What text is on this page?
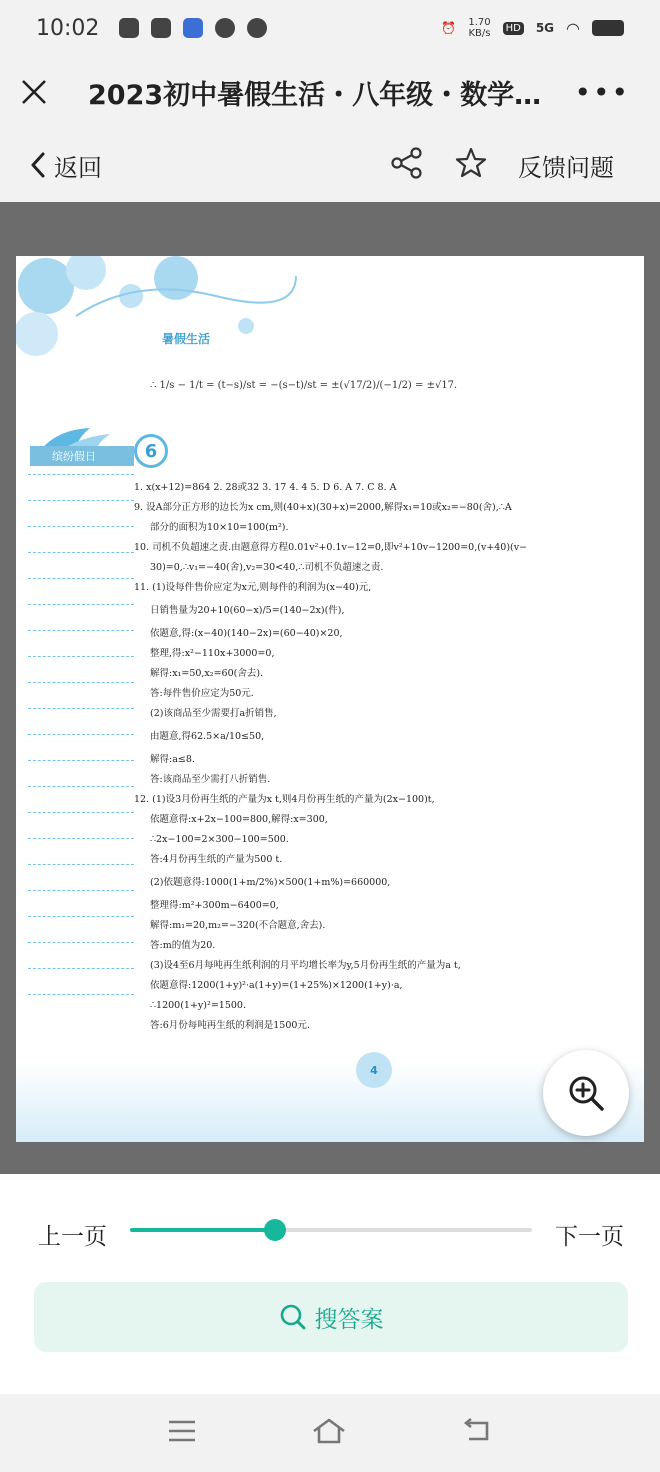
10:02	⏰ 1.70
KB/s	HD 5G ◠
2023初中暑假生活・八年级・数学…	•••
返回	反馈问题
暑假生活
∴ 1/s − 1/t = (t−s)/st = −(s−t)/st = ±(√17/2)/(−1/2) = ±√17.
缤纷假日	6

1. x(x+12)=864 2. 28或32 3. 17 4. 4 5. D 6. A 7. C 8. A

9. 设A部分正方形的边长为x cm,则(40+x)(30+x)=2000,解得x₁=10或x₂=−80(舍),∴A

部分的面积为10×10=100(m²).

10. 司机不负超速之责.由题意得方程0.01v²+0.1v−12=0,即v²+10v−1200=0,(v+40)(v−

30)=0,∴v₁=−40(舍),v₂=30<40,∴司机不负超速之责.

11. (1)设每件售价应定为x元,则每件的利润为(x−40)元,

日销售量为20+10(60−x)/5=(140−2x)(件),

依题意,得:(x−40)(140−2x)=(60−40)×20,

整理,得:x²−110x+3000=0,

解得:x₁=50,x₂=60(舍去).

答:每件售价应定为50元.

(2)该商品至少需要打a折销售,

由题意,得62.5×a/10≤50,

解得:a≤8.

答:该商品至少需打八折销售.

12. (1)设3月份再生纸的产量为x t,则4月份再生纸的产量为(2x−100)t,

依题意得:x+2x−100=800,解得:x=300,

∴2x−100=2×300−100=500.

答:4月份再生纸的产量为500 t.

(2)依题意得:1000(1+m/2%)×500(1+m%)=660000,

整理得:m²+300m−6400=0,

解得:m₁=20,m₂=−320(不合题意,舍去).

答:m的值为20.

(3)设4至6月每吨再生纸利润的月平均增长率为y,5月份再生纸的产量为a t,

依题意得:1200(1+y)²·a(1+y)=(1+25%)×1200(1+y)·a,

∴1200(1+y)²=1500.

答:6月份每吨再生纸的利润是1500元.

4
上一页	下一页
搜答案
